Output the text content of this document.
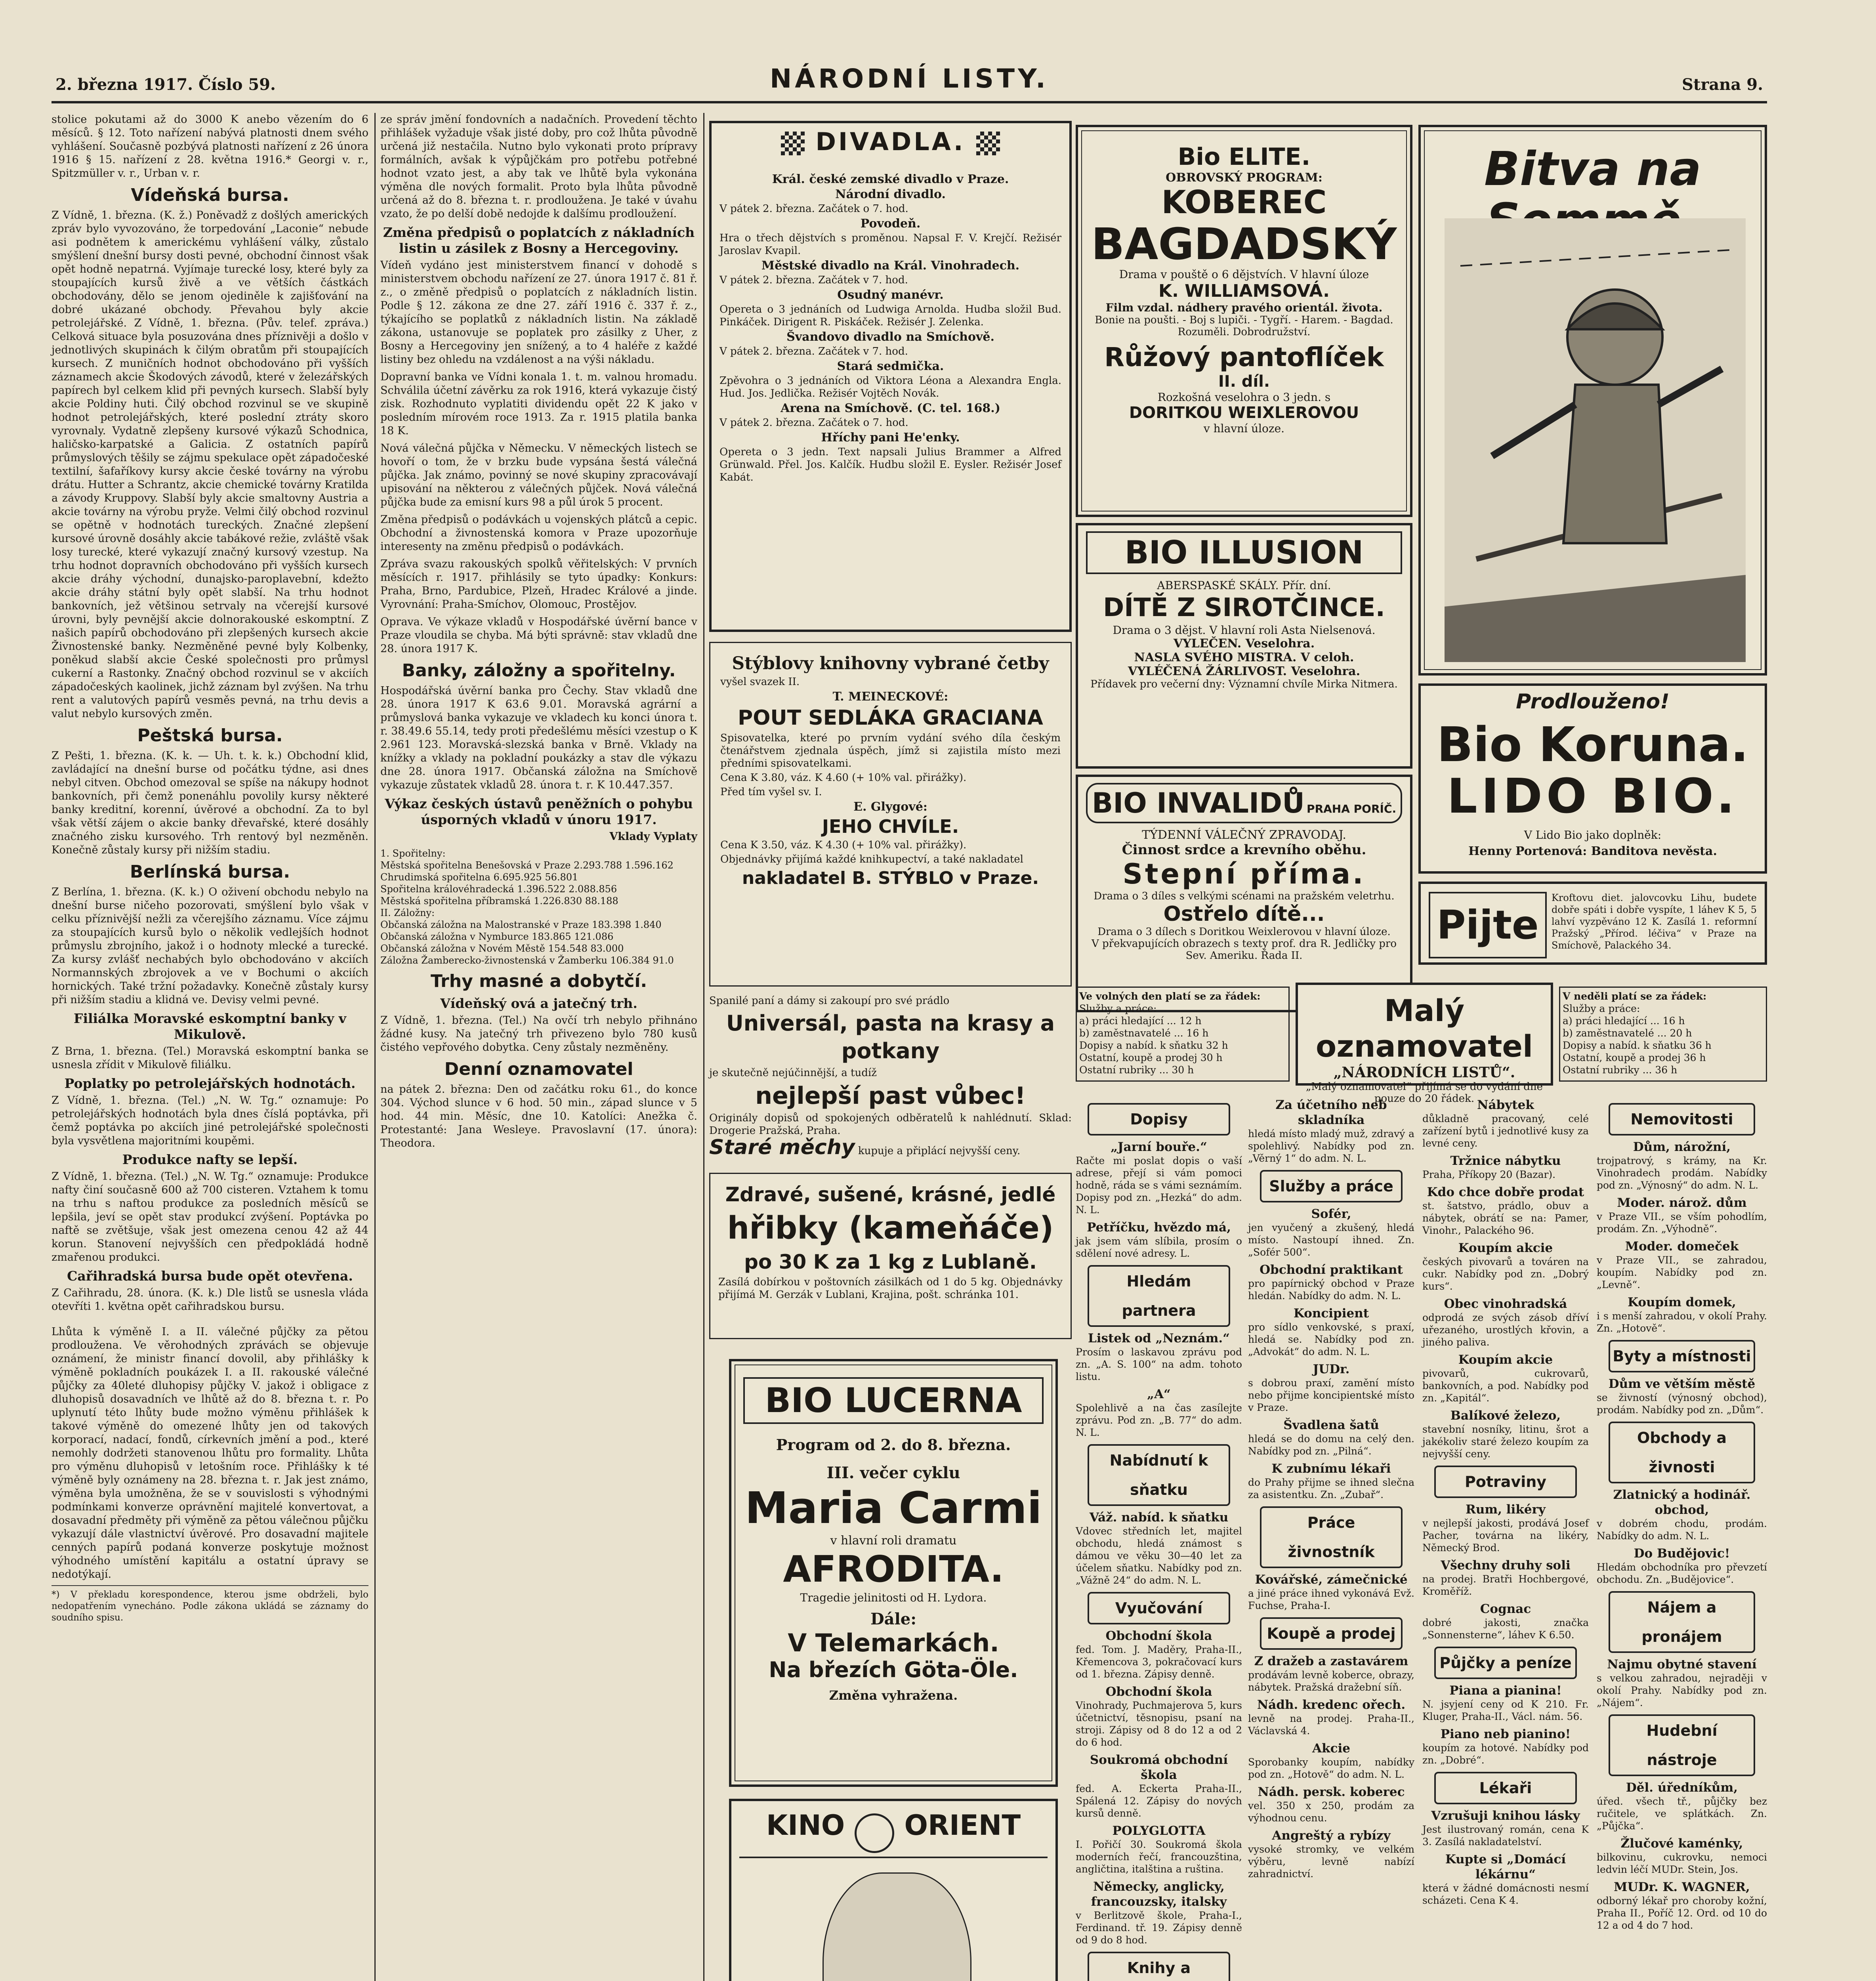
2. března 1917. Číslo 59.	NÁRODNÍ LISTY.	Strana 9.

stolice pokutami až do 3000 K anebo vězením do 6 měsíců. § 12. Toto nařízení nabývá platnosti dnem svého vyhlášení. Současně pozbývá platnosti nařízení z 26 února 1916 § 15. nařízení z 28. května 1916.* Georgi v. r., Spitzmüller v. r., Urban v. r.

Vídeňská bursa.

Z Vídně, 1. března. (K. ž.) Poněvadž z došlých amerických zpráv bylo vyvozováno, že torpedování „Laconie“ nebude asi podnětem k americkému vyhlášení války, zůstalo smýšlení dnešní bursy dosti pevné, obchodní činnost však opět hodně nepatrná. Vyjímaje turecké losy, které byly za stoupajících kursů živě a ve větších částkách obchodovány, dělo se jenom ojediněle k zajišťování na dobré ukázané obchody. Převahou byly akcie petrolejářské. Z Vídně, 1. března. (Pův. telef. zpráva.) Celková situace byla posuzována dnes příznivěji a došlo v jednotlivých skupinách k čilým obratům při stoupajících kursech. Z muničních hodnot obchodováno při vyšších záznamech akcie Škodových závodů, které v železářských papírech byl celkem klid při pevných kursech. Slabší byly akcie Poldiny huti. Čilý obchod rozvinul se ve skupině hodnot petrolejářských, které poslední ztráty skoro vyrovnaly. Vydatně zlepšeny kursové výkazů Schodnica, haličsko-karpatské a Galicia. Z ostatních papírů průmyslových těšily se zájmu spekulace opět západočeské textilní, šafaříkovy kursy akcie české továrny na výrobu drátu. Hutter a Schrantz, akcie chemické továrny Kratilda a závody Kruppovy. Slabší byly akcie smaltovny Austria a akcie továrny na výrobu pryže. Velmi čilý obchod rozvinul se opětně v hodnotách tureckých. Značné zlepšení kursové úrovně dosáhly akcie tabákové režie, zvláště však losy turecké, které vykazují značný kursový vzestup. Na trhu hodnot dopravních obchodováno při vyšších kursech akcie dráhy východní, dunajsko-paroplavební, kdežto akcie dráhy státní byly opět slabší. Na trhu hodnot bankovních, jež většinou setrvaly na včerejší kursové úrovni, byly pevnější akcie dolnorakouské eskomptní. Z našich papírů obchodováno při zlepšených kursech akcie Živnostenské banky. Nezměněné pevné byly Kolbenky, poněkud slabší akcie České společnosti pro průmysl cukerní a Rastonky. Značný obchod rozvinul se v akciích západočeských kaolinek, jichž záznam byl zvýšen. Na trhu rent a valutových papírů vesměs pevná, na trhu devis a valut nebylo kursových změn.

Peštská bursa.

Z Pešti, 1. března. (K. k. — Uh. t. k. k.) Obchodní klid, zavládající na dnešní burse od počátku týdne, asi dnes nebyl citven. Obchod omezoval se spíše na nákupy hodnot bankovních, při čemž ponenáhlu povolily kursy některé banky kreditní, korenní, úvěrové a obchodní. Za to byl však větší zájem o akcie banky dřevařské, které dosáhly značného zisku kursového. Trh rentový byl nezměněn. Konečně zůstaly kursy při nižším stadiu.

Berlínská bursa.

Z Berlína, 1. března. (K. k.) O oživení obchodu nebylo na dnešní burse ničeho pozorovati, smýšlení bylo však v celku příznivější nežli za včerejšího záznamu. Více zájmu za stoupajících kursů bylo o několik vedlejších hodnot průmyslu zbrojního, jakož i o hodnoty mlecké a turecké. Za kursy zvlášť nechabých bylo obchodováno v akciích Normannských zbrojovek a ve v Bochumi o akciích hornických. Také tržní požadavky. Konečně zůstaly kursy při nižším stadiu a klidná ve. Devisy velmi pevné.

Filiálka Moravské eskomptní banky v Mikulově.

Z Brna, 1. března. (Tel.) Moravská eskomptní banka se usnesla zřídit v Mikulově filiálku.

Poplatky po petrolejářských hodnotách.

Z Vídně, 1. března. (Tel.) „N. W. Tg.“ oznamuje: Po petrolejářských hodnotách byla dnes číslá poptávka, při čemž poptávka po akciích jiné petrolejářské společnosti byla vysvětlena majoritními koupěmi.

Produkce nafty se lepší.

Z Vídně, 1. března. (Tel.) „N. W. Tg.“ oznamuje: Produkce nafty činí současně 600 až 700 cisteren. Vztahem k tomu na trhu s naftou produkce za posledních měsíců se lepšila, jeví se opět stav produkcí zvýšení. Poptávka po naftě se zvětšuje, však jest omezena cenou 42 až 44 korun. Stanovení nejvyšších cen předpokládá hodně zmařenou produkci.

Cařihradská bursa bude opět otevřena.

Z Cařihradu, 28. února. (K. k.) Dle listů se usnesla vláda otevříti 1. května opět cařihradskou bursu.

Lhůta k výměně I. a II. válečné půjčky za pětou prodloužena. Ve věrohodných zprávách se objevuje oznámení, že ministr financí dovolil, aby přihlášky k výměně pokladních poukázek I. a II. rakouské válečné půjčky za 40leté dluhopisy půjčky V. jakož i obligace z dluhopisů dosavadních ve lhůtě až do 8. března t. r. Po uplynutí této lhůty bude možno výměnu přihlášek k takové výměně do omezené lhůty jen od takových korporací, nadací, fondů, církevních jmění a pod., které nemohly dodržeti stanovenou lhůtu pro formality. Lhůta pro výměnu dluhopisů v letošním roce. Přihlášky k té výměně byly oznámeny na 28. března t. r. Jak jest známo, výměna byla umožněna, že se v souvislosti s výhodnými podmínkami konverze oprávnění majitelé konvertovat, a dosavadní předměty při výměně za pětou válečnou půjčku vykazují dále vlastnictví úvěrové. Pro dosavadní majitele cenných papírů podaná konverze poskytuje možnost výhodného umístění kapitálu a ostatní úpravy se nedotýkají.

*) V překladu korespondence, kterou jsme obdrželi, bylo nedopatřením vynecháno. Podle zákona ukládá se záznamy do soudního spisu.

ze správ jmění fondovních a nadačních. Provedení těchto přihlášek vyžaduje však jisté doby, pro což lhůta původně určená již nestačila. Nutno bylo vykonati proto prípravy formálních, avšak k výpůjčkám pro potřebu potřebné hodnot vzato jest, a aby tak ve lhůtě byla vykonána výměna dle nových formalit. Proto byla lhůta původně určená až do 8. března t. r. prodloužena. Je také v úvahu vzato, že po delší době nedojde k dalšímu prodloužení.

Změna předpisů o poplatcích z nákladních listin u zásilek z Bosny a Hercegoviny.

Vídeň vydáno jest ministerstvem financí v dohodě s ministerstvem obchodu nařízení ze 27. února 1917 č. 81 ř. z., o změně předpisů o poplatcích z nákladních listin. Podle § 12. zákona ze dne 27. září 1916 č. 337 ř. z., týkajícího se poplatků z nákladních listin. Na základě zákona, ustanovuje se poplatek pro zásilky z Uher, z Bosny a Hercegoviny jen snížený, a to 4 haléře z každé listiny bez ohledu na vzdálenost a na výši nákladu.

Dopravní banka ve Vídni konala 1. t. m. valnou hromadu. Schválila účetní závěrku za rok 1916, která vykazuje čistý zisk. Rozhodnuto vyplatiti dividendu opět 22 K jako v posledním mírovém roce 1913. Za r. 1915 platila banka 18 K.

Nová válečná půjčka v Německu. V německých listech se hovoří o tom, že v brzku bude vypsána šestá válečná půjčka. Jak známo, povinný se nové skupiny zpracovávají upisování na některou z válečných půjček. Nová válečná půjčka bude za emisní kurs 98 a půl úrok 5 procent.

Změna předpisů o podávkách u vojenských plátců a cepic. Obchodní a živnostenská komora v Praze upozorňuje interesenty na změnu předpisů o podávkách.

Zpráva svazu rakouských spolků věřitelských: V prvních měsících r. 1917. přihlásily se tyto úpadky: Konkurs: Praha, Brno, Pardubice, Plzeň, Hradec Králové a jinde. Vyrovnání: Praha-Smíchov, Olomouc, Prostějov.

Oprava. Ve výkaze vkladů v Hospodářské úvěrní bance v Praze vloudila se chyba. Má býti správně: stav vkladů dne 28. února 1917 K.

Banky, záložny a spořitelny.

Hospodářská úvěrní banka pro Čechy. Stav vkladů dne 28. února 1917 K 63.6 9.01. Moravská agrární a průmyslová banka vykazuje ve vkladech ku konci února t. r. 38.49.6 55.14, tedy proti předešlému měsíci vzestup o K 2.961 123. Moravská-slezská banka v Brně. Vklady na knížky a vklady na pokladní poukázky a stav dle výkazu dne 28. února 1917. Občanská záložna na Smíchově vykazuje zůstatek vkladů 28. února t. r. K 10.447.357.

Výkaz českých ústavů peněžních o pohybu úsporných vkladů v únoru 1917.

Vklady Vyplaty

1. Spořitelny:

Městská spořitelna Benešovská v Praze 2.293.788 1.596.162

Chrudimská spořitelna 6.695.925 56.801

Spořitelna královéhradecká 1.396.522 2.088.856

Městská spořitelna příbramská 1.226.830 88.188

II. Záložny:

Občanská záložna na Malostranské v Praze 183.398 1.840

Občanská záložna v Nymburce 183.865 121.086

Občanská záložna v Novém Městě 154.548 83.000

Záložna Žamberecko-živnostenská v Žamberku 106.384 91.0

Trhy masné a dobytčí.
Vídeňský ová a jatečný trh.

Z Vídně, 1. března. (Tel.) Na ovčí trh nebylo přihnáno žádné kusy. Na jatečný trh přivezeno bylo 780 kusů čistého vepřového dobytka. Ceny zůstaly nezměněny.

Denní oznamovatel

na pátek 2. března: Den od začátku roku 61., do konce 304. Východ slunce v 6 hod. 50 min., západ slunce v 5 hod. 44 min. Měsíc, dne 10. Katolíci: Anežka č. Protestanté: Jana Wesleye. Pravoslavní (17. února): Theodora.

DIVADLA.

Král. české zemské divadlo v Praze.

Národní divadlo.

V pátek 2. března. Začátek o 7. hod.

Povodeň.

Hra o třech dějstvích s proměnou. Napsal F. V. Krejčí. Režisér Jaroslav Kvapil.

Městské divadlo na Král. Vinohradech.

V pátek 2. března. Začátek v 7. hod.

Osudný manévr.

Opereta o 3 jednáních od Ludwiga Arnolda. Hudba složil Bud. Pinkáček. Dirigent R. Piskáček. Režisér J. Zelenka.

Švandovo divadlo na Smíchově.

V pátek 2. března. Začátek v 7. hod.

Stará sedmička.

Zpěvohra o 3 jednáních od Viktora Léona a Alexandra Engla. Hud. Jos. Jedlička. Režisér Vojtěch Novák.

Arena na Smíchově. (C. tel. 168.)

V pátek 2. března. Začátek o 7. hod.

Hříchy pani He'enky.

Opereta o 3 jedn. Text napsali Julius Brammer a Alfred Grünwald. Přel. Jos. Kalčík. Hudbu složil E. Eysler. Režisér Josef Kabát.

Stýblovy knihovny vybrané četby

vyšel svazek II.

T. MEINECKOVÉ:

POUT SEDLÁKA GRACIANA

Spisovatelka, které po prvním vydání svého díla českým čtenářstvem zjednala úspěch, jímž si zajistila místo mezi předními spisovatelkami.

Cena K 3.80, váz. K 4.60 (+ 10% val. přirážky).

Před tím vyšel sv. I.

E. Glygové:

JEHO CHVÍLE.

Cena K 3.50, váz. K 4.30 (+ 10% val. přirážky).

Objednávky přijímá každé knihkupectví, a také nakladatel

nakladatel B. STÝBLO v Praze.

Spanilé paní a dámy si zakoupí pro své prádlo

Universál, pasta na krasy a potkany

je skutečně nejúčinnější, a tudíž

nejlepší past vůbec!

Originály dopisů od spokojených odběratelů k nahlédnutí. Sklad: Drogerie Pražská, Praha.

Staré měchy kupuje a připlácí nejvyšší ceny.

Zdravé, sušené, krásné, jedlé

hřibky (kameňáče)

po 30 K za 1 kg z Lublaně.

Zasílá dobírkou v poštovních zásilkách od 1 do 5 kg. Objednávky přijímá M. Gerzák v Lublani, Krajina, pošt. schránka 101.

BIO LUCERNA
Program od 2. do 8. března.
III. večer cyklu
Maria Carmi
v hlavní roli dramatu
AFRODITA.
Tragedie jelinitosti od H. Lydora.
Dále:
V Telemarkách.
Na březích Göta-Öle.
Změna vyhražena.
KINO ORIENT
Bio ELITE.
OBROVSKÝ PROGRAM:
KOBEREC
BAGDADSKÝ
Drama v pouště o 6 dějstvích. V hlavní úloze
K. WILLIAMSOVÁ.
Film vzdal. nádhery pravého orientál. života.
Bonie na poušti. - Boj s lupiči. - Tygří. - Harem. - Bagdad. Rozuměli. Dobrodružství.
Růžový pantoflíček
II. díl.
Rozkošná veselohra o 3 jedn. s
DORITKOU WEIXLEROVOU
v hlavní úloze.
BIO ILLUSION
ABERSPASKÉ SKÁLY. Přír. dní.
DÍTĚ Z SIROTČINCE.
Drama o 3 dějst. V hlavní roli Asta Nielsenová.
VYLEČEN. Veselohra.
NASLA SVÉHO MISTRA. V celoh.
VYLÉČENÁ ŽÁRLIVOST. Veselohra.
Přídavek pro večerní dny: Významní chvíle Mirka Nitmera.
BIO INVALIDŮ PRAHA PORÍČ.
TÝDENNÍ VÁLEČNÝ ZPRAVODAJ.
Činnost srdce a krevního oběhu.
Stepní příma.
Drama o 3 díles s velkými scénami na pražském veletrhu.
Ostřelo dítě...
Drama o 3 dílech s Doritkou Weixlerovou v hlavní úloze.
V překvapujících obrazech s texty prof. dra R. Jedličky pro Sev. Ameriku. Řada II.
Bitva na
Prodlouženo!
Bio Koruna.
LIDO BIO.
V Lido Bio jako doplněk:
Henny Portenová: Banditova nevěsta.
Pijte
Kroftovu diet. jalovcovku Lihu, budete dobře spáti i dobře vyspíte, 1 láhev K 5, 5 lahví vyzpěváno 12 K. Zasílá 1. reformní Pražský „Přírod. léčiva“ v Praze na Smíchově, Palackého 34.
Ve volných den platí se za řádek:
Služby a práce:
a) práci hledající ... 12 h
b) zaměstnavatelé ... 16 h
Dopisy a nabíd. k sňatku 32 h
Ostatní, koupě a prodej 30 h
Ostatní rubriky ... 30 h
Malý oznamovatel
„NÁRODNÍCH LISTŮ“.
„Malý oznamovatel“ přijímá se do vydání dne pouze do 20 řádek.
V neděli platí se za řádek:
Služby a práce:
a) práci hledající ... 16 h
b) zaměstnavatelé ... 20 h
Dopisy a nabíd. k sňatku 36 h
Ostatní, koupě a prodej 36 h
Ostatní rubriky ... 36 h
Dopisy
„Jarní bouře.“
Račte mi poslat dopis o vaší adrese, přejí si vám pomoci hodně, ráda se s vámi seznámím. Dopisy pod zn. „Hezká“ do adm. N. L.
Petříčku, hvězdo má,
jak jsem vám slíbila, prosím o sdělení nové adresy. L.
Hledám partnera
Listek od „Neznám.“
Prosím o laskavou zprávu pod zn. „A. S. 100“ na adm. tohoto listu.
„A“
Spolehlivě a na čas zasílejte zprávu. Pod zn. „B. 77“ do adm. N. L.
Nabídnutí k sňatku
Váž. nabíd. k sňatku
Vdovec středních let, majitel obchodu, hledá známost s dámou ve věku 30—40 let za účelem sňatku. Nabídky pod zn. „Vážně 24“ do adm. N. L.
Vyučování
Obchodní škola
fed. Tom. J. Maděry, Praha-II., Křemencova 3, pokračovací kurs od 1. března. Zápisy denně.
Obchodní škola
Vinohrady, Puchmajerova 5, kurs účetnictví, těsnopisu, psaní na stroji. Zápisy od 8 do 12 a od 2 do 6 hod.
Soukromá obchodní škola
fed. A. Eckerta Praha-II., Spálená 12. Zápisy do nových kursů denně.
POLYGLOTTA
I. Pořičí 30. Soukromá škola moderních řečí, francouzština, angličtina, italština a ruština.
Německy, anglicky, francouzsky, italsky
v Berlitzově škole, Praha-I., Ferdinand. tř. 19. Zápisy denně od 9 do 8 hod.
Knihy a
Za účetního neb skladníka
hledá místo mladý muž, zdravý a spolehlivý. Nabídky pod zn. „Věrný 1“ do adm. N. L.
Služby a práce
Sofér,
jen vyučený a zkušený, hledá místo. Nastoupí ihned. Zn. „Sofér 500“.
Obchodní praktikant
pro papírnický obchod v Praze hledán. Nabídky do adm. N. L.
Koncipient
pro sídlo venkovské, s praxí, hledá se. Nabídky pod zn. „Advokát“ do adm. N. L.
JUDr.
s dobrou praxí, zamění místo nebo přijme koncipientské místo v Praze.
Švadlena šatů
hledá se do domu na celý den. Nabídky pod zn. „Pilná“.
K zubnímu lékaři
do Prahy přijme se ihned slečna za asistentku. Zn. „Zubař“.
Práce živnostník
Kovářské, zámečnické
a jiné práce ihned vykonává Evž. Fuchse, Praha-I.
Koupě a prodej
Z dražeb a zastavárem
prodávám levně koberce, obrazy, nábytek. Pražská dražební síň.
Nádh. kredenc ořech.
levně na prodej. Praha-II., Václavská 4.
Akcie
Sporobanky koupím, nabídky pod zn. „Hotově“ do adm. N. L.
Nádh. persk. koberec
vel. 350 x 250, prodám za výhodnou cenu.
Angreštý a rybízy
vysoké stromky, ve velkém výběru, levně nabízí zahradnictví.
Nábytek
důkladně pracovaný, celé zařízení bytů i jednotlivé kusy za levné ceny.
Tržnice nábytku
Praha, Příkopy 20 (Bazar).
Kdo chce dobře prodat
st. šatstvo, prádlo, obuv a nábytek, obrátí se na: Pamer, Vinohr., Palackého 96.
Koupím akcie
českých pivovarů a továren na cukr. Nabídky pod zn. „Dobrý kurs“.
Obec vinohradská
odprodá ze svých zásob dříví uřezaného, urostlých křovin, a jiného paliva.
Koupím akcie
pivovarů, cukrovarů, bankovních, a pod. Nabídky pod zn. „Kapitál“.
Balíkové železo,
stavební nosníky, litinu, šrot a jakékoliv staré železo koupím za nejvyšší ceny.
Potraviny
Rum, likéry
v nejlepší jakosti, prodává Josef Pacher, továrna na likéry, Německý Brod.
Všechny druhy soli
na prodej. Bratři Hochbergové, Kroměříž.
Cognac
dobré jakosti, značka „Sonnensterne“, láhev K 6.50.
Půjčky a peníze
Piana a pianina!
N. jsyjení ceny od K 210. Fr. Kluger, Praha-II., Václ. nám. 56.
Piano neb pianino!
koupím za hotové. Nabídky pod zn. „Dobré“.
Lékaři
Vzrušuji knihou lásky
Jest ilustrovaný román, cena K 3. Zasílá nakladatelství.
Kupte si „Domácí lékárnu“
která v žádné domácnosti nesmí scházeti. Cena K 4.
Nemovitosti
Dům, nárožní,
trojpatrový, s krámy, na Kr. Vinohradech prodám. Nabídky pod zn. „Výnosný“ do adm. N. L.
Moder. nárož. dům
v Praze VII., se vším pohodlím, prodám. Zn. „Výhodně“.
Moder. domeček
v Praze VII., se zahradou, koupím. Nabídky pod zn. „Levně“.
Koupím domek,
i s menší zahradou, v okolí Prahy. Zn. „Hotově“.
Byty a místnosti
Dům ve větším městě
se živností (výnosný obchod), prodám. Nabídky pod zn. „Dům“.
Obchody a živnosti
Zlatnický a hodinář. obchod,
v dobrém chodu, prodám. Nabídky do adm. N. L.
Do Budějovic!
Hledám obchodníka pro převzetí obchodu. Zn. „Budějovice“.
Nájem a pronájem
Najmu obytné stavení
s velkou zahradou, nejraději v okolí Prahy. Nabídky pod zn. „Nájem“.
Hudební nástroje
Děl. úředníkům,
úřed. všech tř., půjčky bez ručitele, ve splátkách. Zn. „Půjčka“.
Žlučové kaménky,
bilkovinu, cukrovku, nemoci ledvin léčí MUDr. Stein, Jos.
MUDr. K. WAGNER,
odborný lékař pro choroby kožní, Praha II., Poříč 12. Ord. od 10 do 12 a od 4 do 7 hod.
